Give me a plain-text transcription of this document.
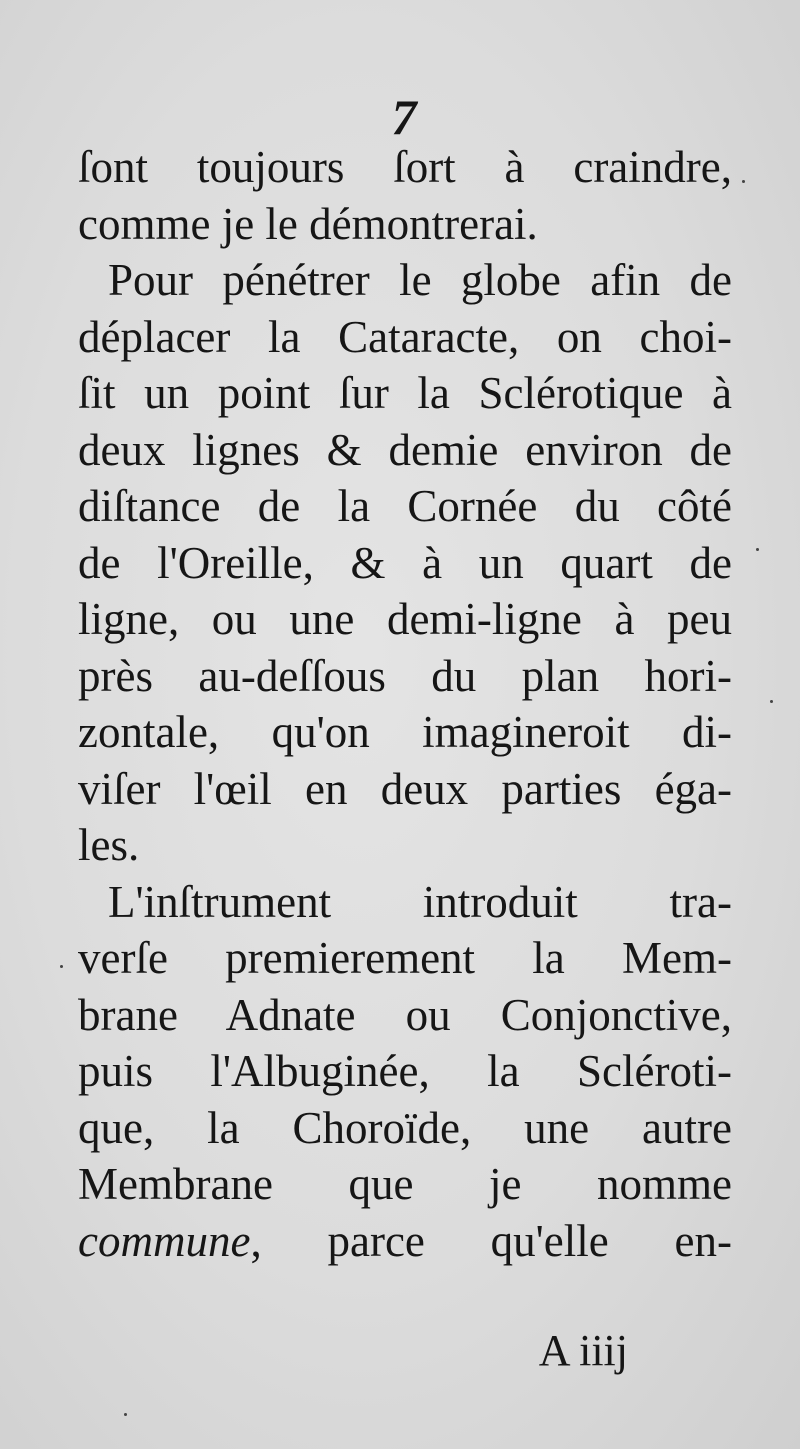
7
ſont toujours ſort à craindre,
comme je le démontrerai.
Pour pénétrer le globe afin de
déplacer la Cataracte, on choi-
ſit un point ſur la Sclérotique à
deux lignes & demie environ de
diſtance de la Cornée du côté
de l'Oreille, & à un quart de
ligne, ou une demi-ligne à peu
près au-deſſous du plan hori-
zontale, qu'on imagineroit di-
viſer l'œil en deux parties éga-
les.
L'inſtrument introduit tra-
verſe premierement la Mem-
brane Adnate ou Conjonctive,
puis l'Albuginée, la Scléroti-
que, la Choroïde, une autre
Membrane que je nomme
commune, parce qu'elle en-
A iiij
